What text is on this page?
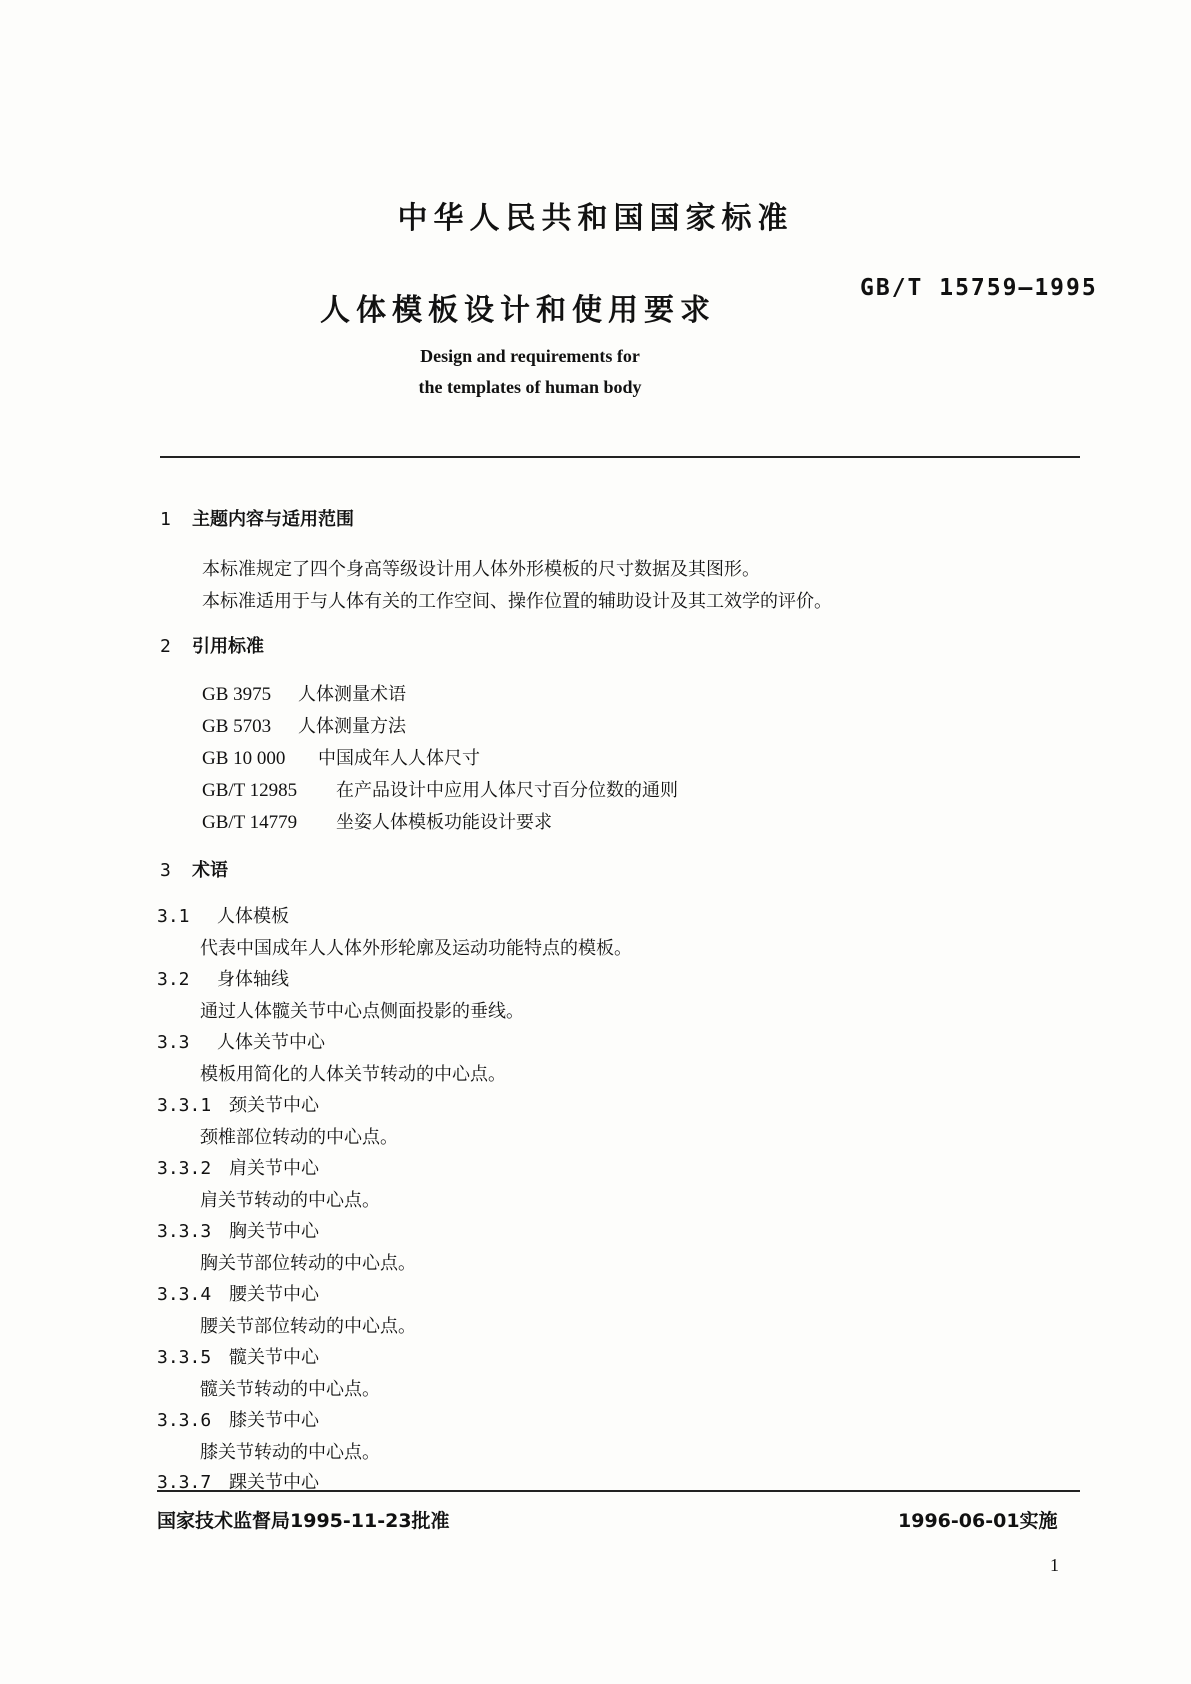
中华人民共和国国家标准
人体模板设计和使用要求
GB/T 15759—1995
Design and requirements for
the templates of human body
1 主题内容与适用范围
本标准规定了四个身高等级设计用人体外形模板的尺寸数据及其图形。
本标准适用于与人体有关的工作空间、操作位置的辅助设计及其工效学的评价。
2 引用标准
GB 3975 人体测量术语
GB 5703 人体测量方法
GB 10 000 中国成年人人体尺寸
GB/T 12985 在产品设计中应用人体尺寸百分位数的通则
GB/T 14779 坐姿人体模板功能设计要求
3 术语
3.1 人体模板
代表中国成年人人体外形轮廓及运动功能特点的模板。
3.2 身体轴线
通过人体髋关节中心点侧面投影的垂线。
3.3 人体关节中心
模板用简化的人体关节转动的中心点。
3.3.1 颈关节中心
颈椎部位转动的中心点。
3.3.2 肩关节中心
肩关节转动的中心点。
3.3.3 胸关节中心
胸关节部位转动的中心点。
3.3.4 腰关节中心
腰关节部位转动的中心点。
3.3.5 髋关节中心
髋关节转动的中心点。
3.3.6 膝关节中心
膝关节转动的中心点。
3.3.7 踝关节中心
国家技术监督局1995-11-23批准	1996-06-01实施
1
